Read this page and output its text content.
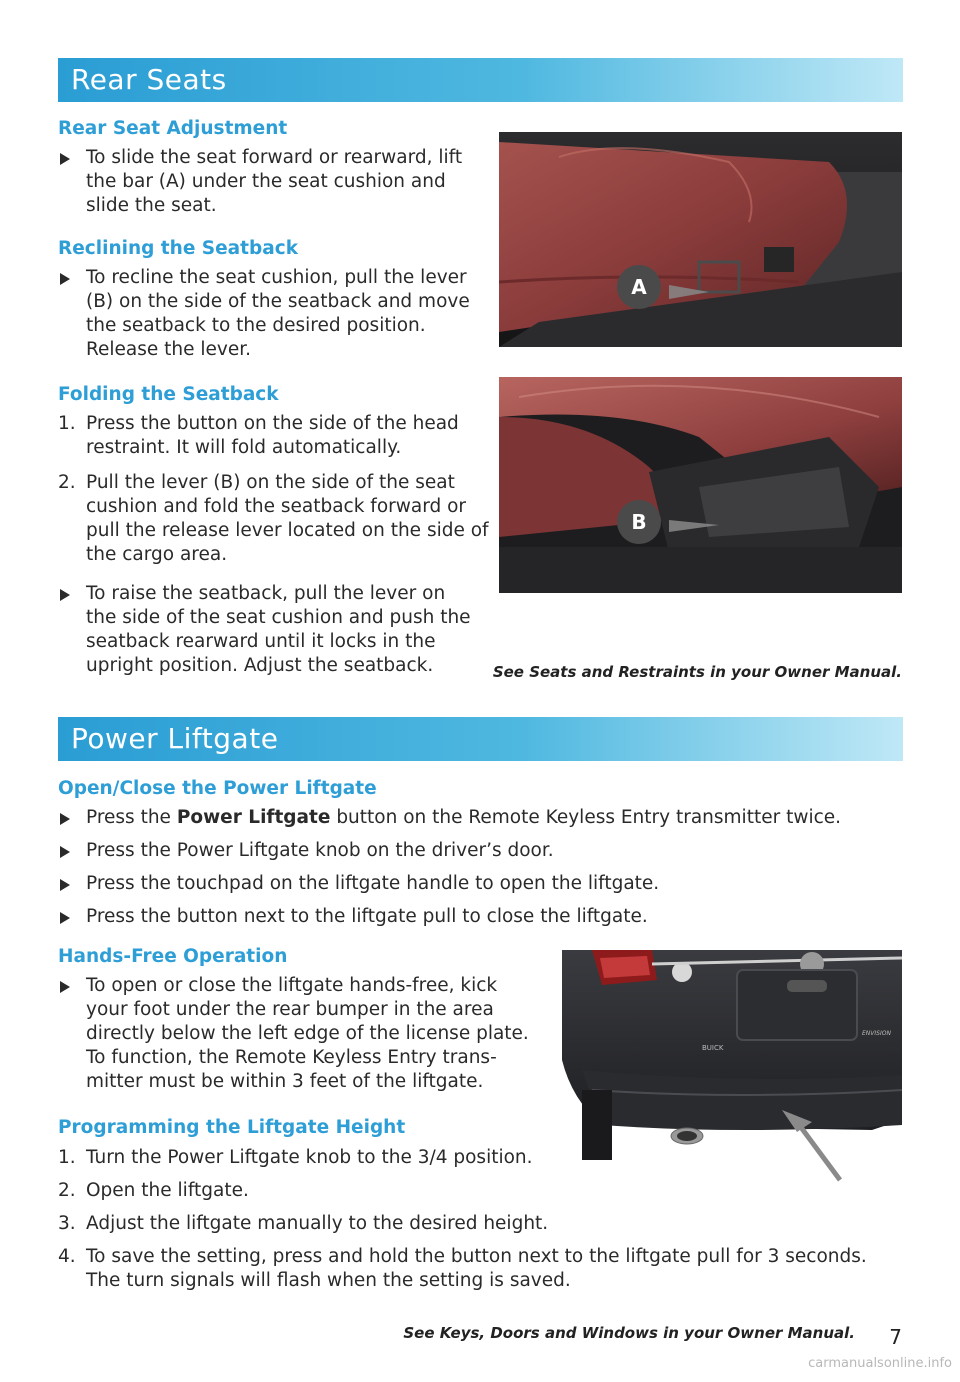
Rear Seats
Rear Seat Adjustment
To slide the seat forward or rearward, lift the bar (A) under the seat cushion and slide the seat.
Reclining the Seatback
To recline the seat cushion, pull the lever (B) on the side of the seatback and move the seatback to the desired position. Release the lever.
Folding the Seatback
1. Press the button on the side of the head restraint. It will fold automatically.
2. Pull the lever (B) on the side of the seat cushion and fold the seatback forward or pull the release lever located on the side of the cargo area.
To raise the seatback, pull the lever on the side of the seat cushion and push the seatback rearward until it locks in the upright position. Adjust the seatback.
A
B
See Seats and Restraints in your Owner Manual.
Power Liftgate
Open/Close the Power Liftgate
Press the Power Liftgate button on the Remote Keyless Entry transmitter twice.
Press the Power Liftgate knob on the driver’s door.
Press the touchpad on the liftgate handle to open the liftgate.
Press the button next to the liftgate pull to close the liftgate.
Hands-Free Operation
To open or close the liftgate hands-free, kick your foot under the rear bumper in the area directly below the left edge of the license plate. To function, the Remote Keyless Entry trans-mitter must be within 3 feet of the liftgate.
Programming the Liftgate Height
1. Turn the Power Liftgate knob to the 3/4 position.
2. Open the liftgate.
3. Adjust the liftgate manually to the desired height.
4. To save the setting, press and hold the button next to the liftgate pull for 3 seconds. The turn signals will flash when the setting is saved.
BUICK
ENVISION
See Keys, Doors and Windows in your Owner Manual. 7
carmanualsonline.info
